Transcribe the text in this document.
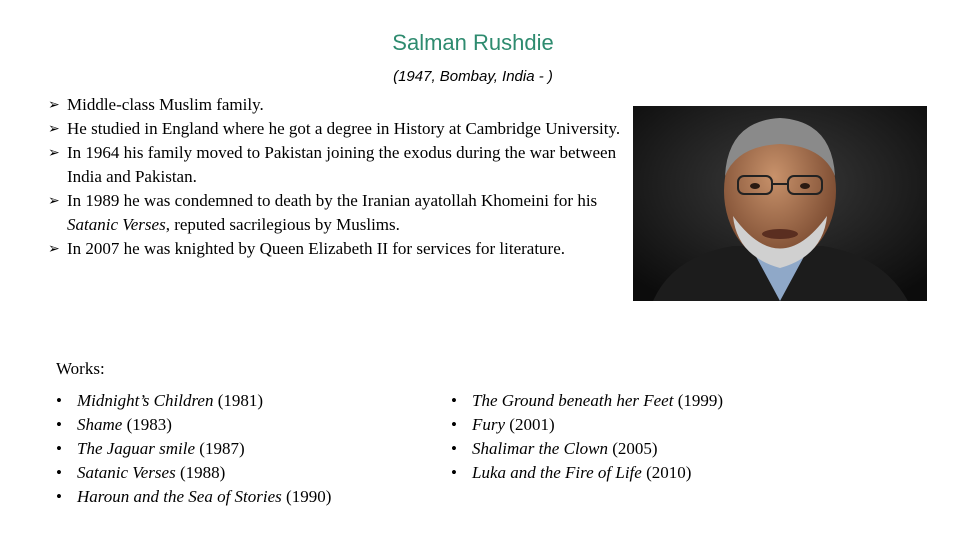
Salman Rushdie
(1947, Bombay, India - )
➢ Middle-class Muslim family.
➢ He studied in England where he got a degree in History at Cambridge University.
➢ In 1964 his family moved to Pakistan joining the exodus during the war between India and Pakistan.
➢ In 1989 he was condemned to death by the Iranian ayatollah Khomeini for his Satanic Verses, reputed sacrilegious by Muslims.
➢ In 2007 he was knighted by Queen Elizabeth II for services for literature.
Works:
• Midnight’s Children (1981)
• Shame (1983)
• The Jaguar smile (1987)
• Satanic Verses (1988)
• Haroun and the Sea of Stories (1990)
• The Ground beneath her Feet (1999)
• Fury (2001)
• Shalimar the Clown (2005)
• Luka and the Fire of Life (2010)
